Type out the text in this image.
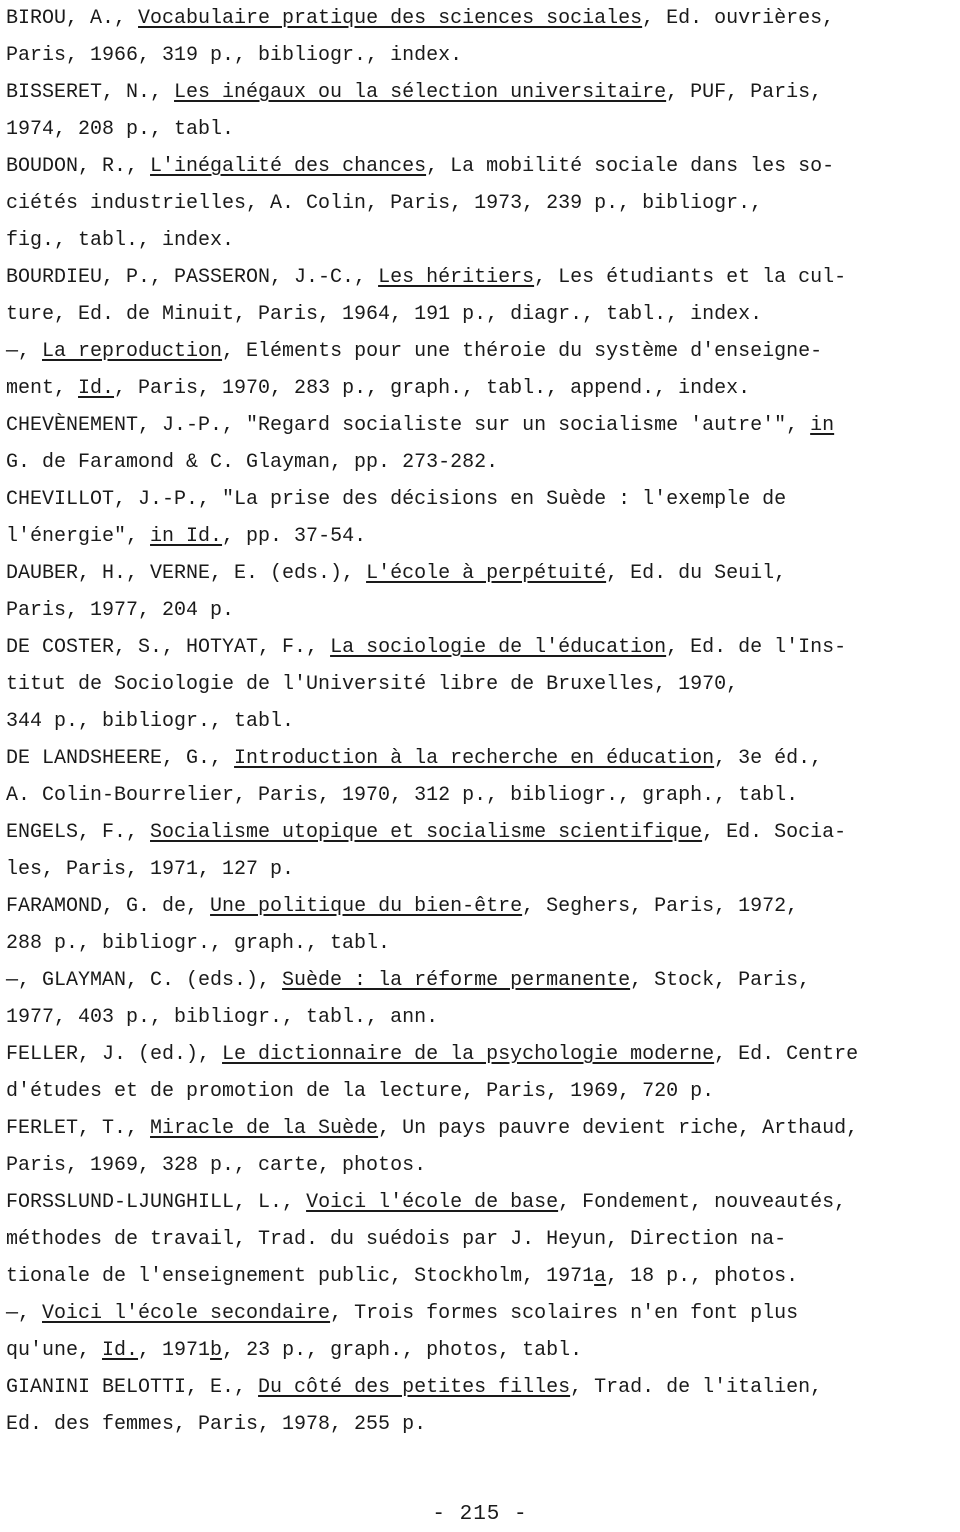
BIROU, A., Vocabulaire pratique des sciences sociales, Ed. ouvrières,
Paris, 1966, 319 p., bibliogr., index.
BISSERET, N., Les inégaux ou la sélection universitaire, PUF, Paris,
1974, 208 p., tabl.
BOUDON, R., L'inégalité des chances, La mobilité sociale dans les so-
ciétés industrielles, A. Colin, Paris, 1973, 239 p., bibliogr.,
fig., tabl., index.
BOURDIEU, P., PASSERON, J.-C., Les héritiers, Les étudiants et la cul-
ture, Ed. de Minuit, Paris, 1964, 191 p., diagr., tabl., index.
—, La reproduction, Eléments pour une théroie du système d'enseigne-
ment, Id., Paris, 1970, 283 p., graph., tabl., append., index.
CHEVÈNEMENT, J.-P., "Regard socialiste sur un socialisme 'autre'", in
G. de Faramond & C. Glayman, pp. 273-282.
CHEVILLOT, J.-P., "La prise des décisions en Suède : l'exemple de
l'énergie", in Id., pp. 37-54.
DAUBER, H., VERNE, E. (eds.), L'école à perpétuité, Ed. du Seuil,
Paris, 1977, 204 p.
DE COSTER, S., HOTYAT, F., La sociologie de l'éducation, Ed. de l'Ins-
titut de Sociologie de l'Université libre de Bruxelles, 1970,
344 p., bibliogr., tabl.
DE LANDSHEERE, G., Introduction à la recherche en éducation, 3e éd.,
A. Colin-Bourrelier, Paris, 1970, 312 p., bibliogr., graph., tabl.
ENGELS, F., Socialisme utopique et socialisme scientifique, Ed. Socia-
les, Paris, 1971, 127 p.
FARAMOND, G. de, Une politique du bien-être, Seghers, Paris, 1972,
288 p., bibliogr., graph., tabl.
—, GLAYMAN, C. (eds.), Suède : la réforme permanente, Stock, Paris,
1977, 403 p., bibliogr., tabl., ann.
FELLER, J. (ed.), Le dictionnaire de la psychologie moderne, Ed. Centre
d'études et de promotion de la lecture, Paris, 1969, 720 p.
FERLET, T., Miracle de la Suède, Un pays pauvre devient riche, Arthaud,
Paris, 1969, 328 p., carte, photos.
FORSSLUND-LJUNGHILL, L., Voici l'école de base, Fondement, nouveautés,
méthodes de travail, Trad. du suédois par J. Heyun, Direction na-
tionale de l'enseignement public, Stockholm, 1971a, 18 p., photos.
—, Voici l'école secondaire, Trois formes scolaires n'en font plus
qu'une, Id., 1971b, 23 p., graph., photos, tabl.
GIANINI BELOTTI, E., Du côté des petites filles, Trad. de l'italien,
Ed. des femmes, Paris, 1978, 255 p.
- 215 -
